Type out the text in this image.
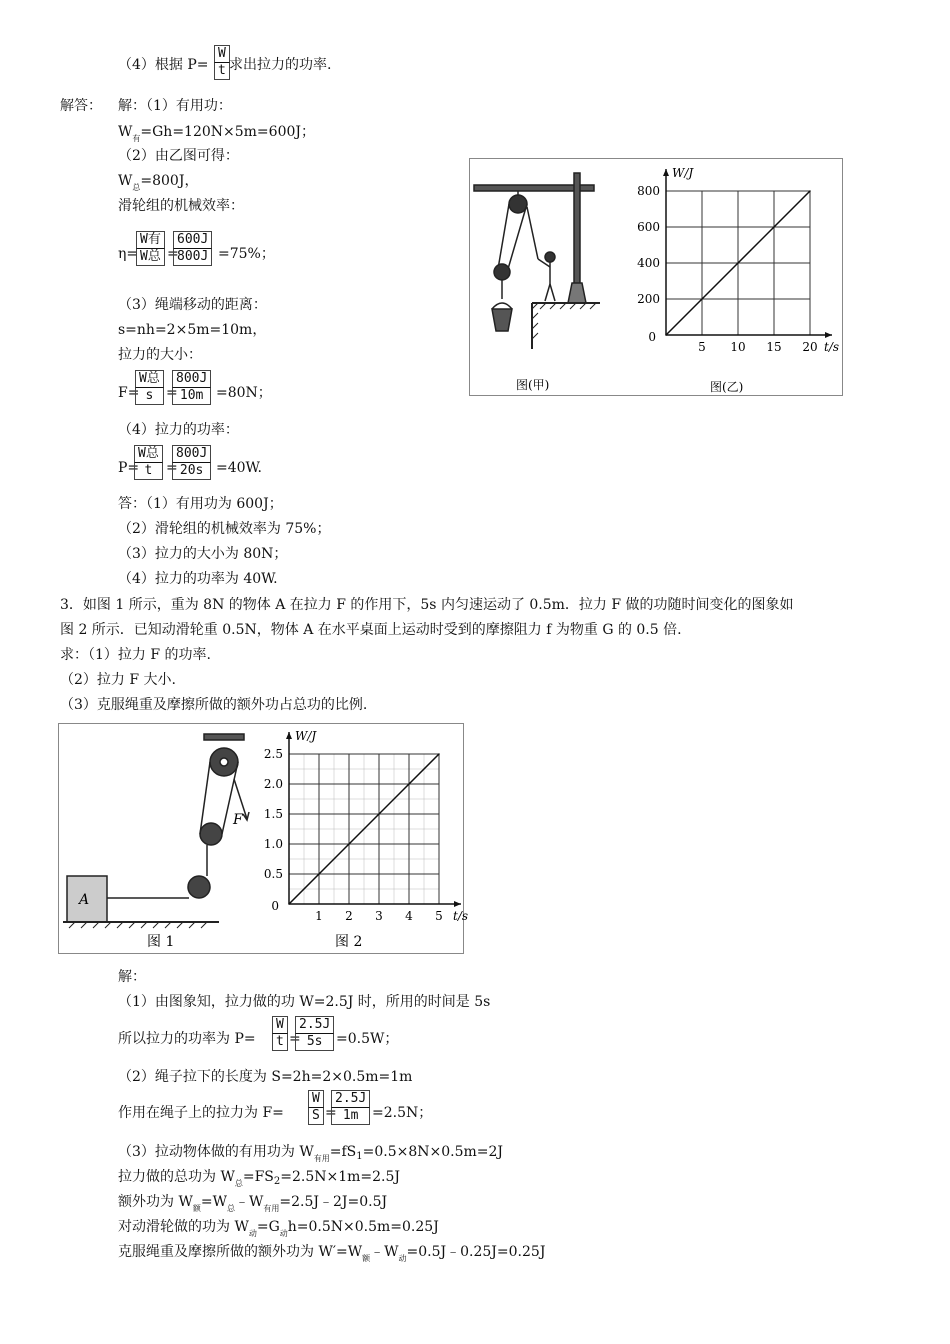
（4）根据 $P= \frac{W}{t}$ 求出拉力的功率.
解答： 解：（1）有用功：
$W_有=Gh=120N\times 5m=600J$；
（2）由乙图可得：
$W_总=800J$，
滑轮组的机械效率：
η=
W有
W总 =
$\frac{600J}{800J} =75\%$；
（3）绳端移动的距离：
s=nh=2×5m=10m，
拉力的大小：
F=
W总
s =
$\frac{800J}{10m} =80N$；
（4）拉力的功率：
P=
W总
t =
$\frac{800J}{20s} =40W$.
答：（1）有用功为 600J；
（2）滑轮组的机械效率为 75%；
（3）拉力的大小为 80N；
（4）拉力的功率为 40W.
图(甲)	图(乙)
5 10 15 20
200
400
600
800
0
t/s
W/J
3．如图 1 所示，重为 8N 的物体 A 在拉力 F 的作用下，5s 内匀速运动了 0.5m．拉力 F 做的功随时间变化的图象如
图 2 所示．已知动滑轮重 0.5N，物体 A 在水平桌面上运动时受到的摩擦阻力 f 为物重 G 的 0.5 倍.
求：（1）拉力 F 的功率.
（2）拉力 F 大小.
（3）克服绳重及摩擦所做的额外功占总功的比例.
A
F
图 1	图 2
1 2 3 4 5
0.5
1.0
1.5
2.0
2.5
0
t/s
W/J
解：
（1）由图象知，拉力做的功 W=2.5J 时，所用的时间是 5s
所以拉力的功率为 $P= \frac{W}{t}$ =
$\frac{2.5J}{5s} =0.5W$；
（2）绳子拉下的长度为 S=2h=2×0.5m=1m
作用在绳子上的拉力为 $F= \frac{W}{S}$ =
$\frac{2.5J}{1m} =2.5N$；
（3）拉动物体做的有用功为 $W_{有用}=fS_1=0.5\times 8N\times 0.5m=2J$
拉力做的总功为 $W_总=FS_2=2.5N\times 1m=2.5J$
额外功为 $W_额=W_总﹣W_{有用}=2.5J﹣2J=0.5J$
对动滑轮做的功为 $W_动=G_动h=0.5N\times 0.5m=0.25J$
克服绳重及摩擦所做的额外功为 $W'=W_额﹣W_动=0.5J﹣0.25J=0.25J$
